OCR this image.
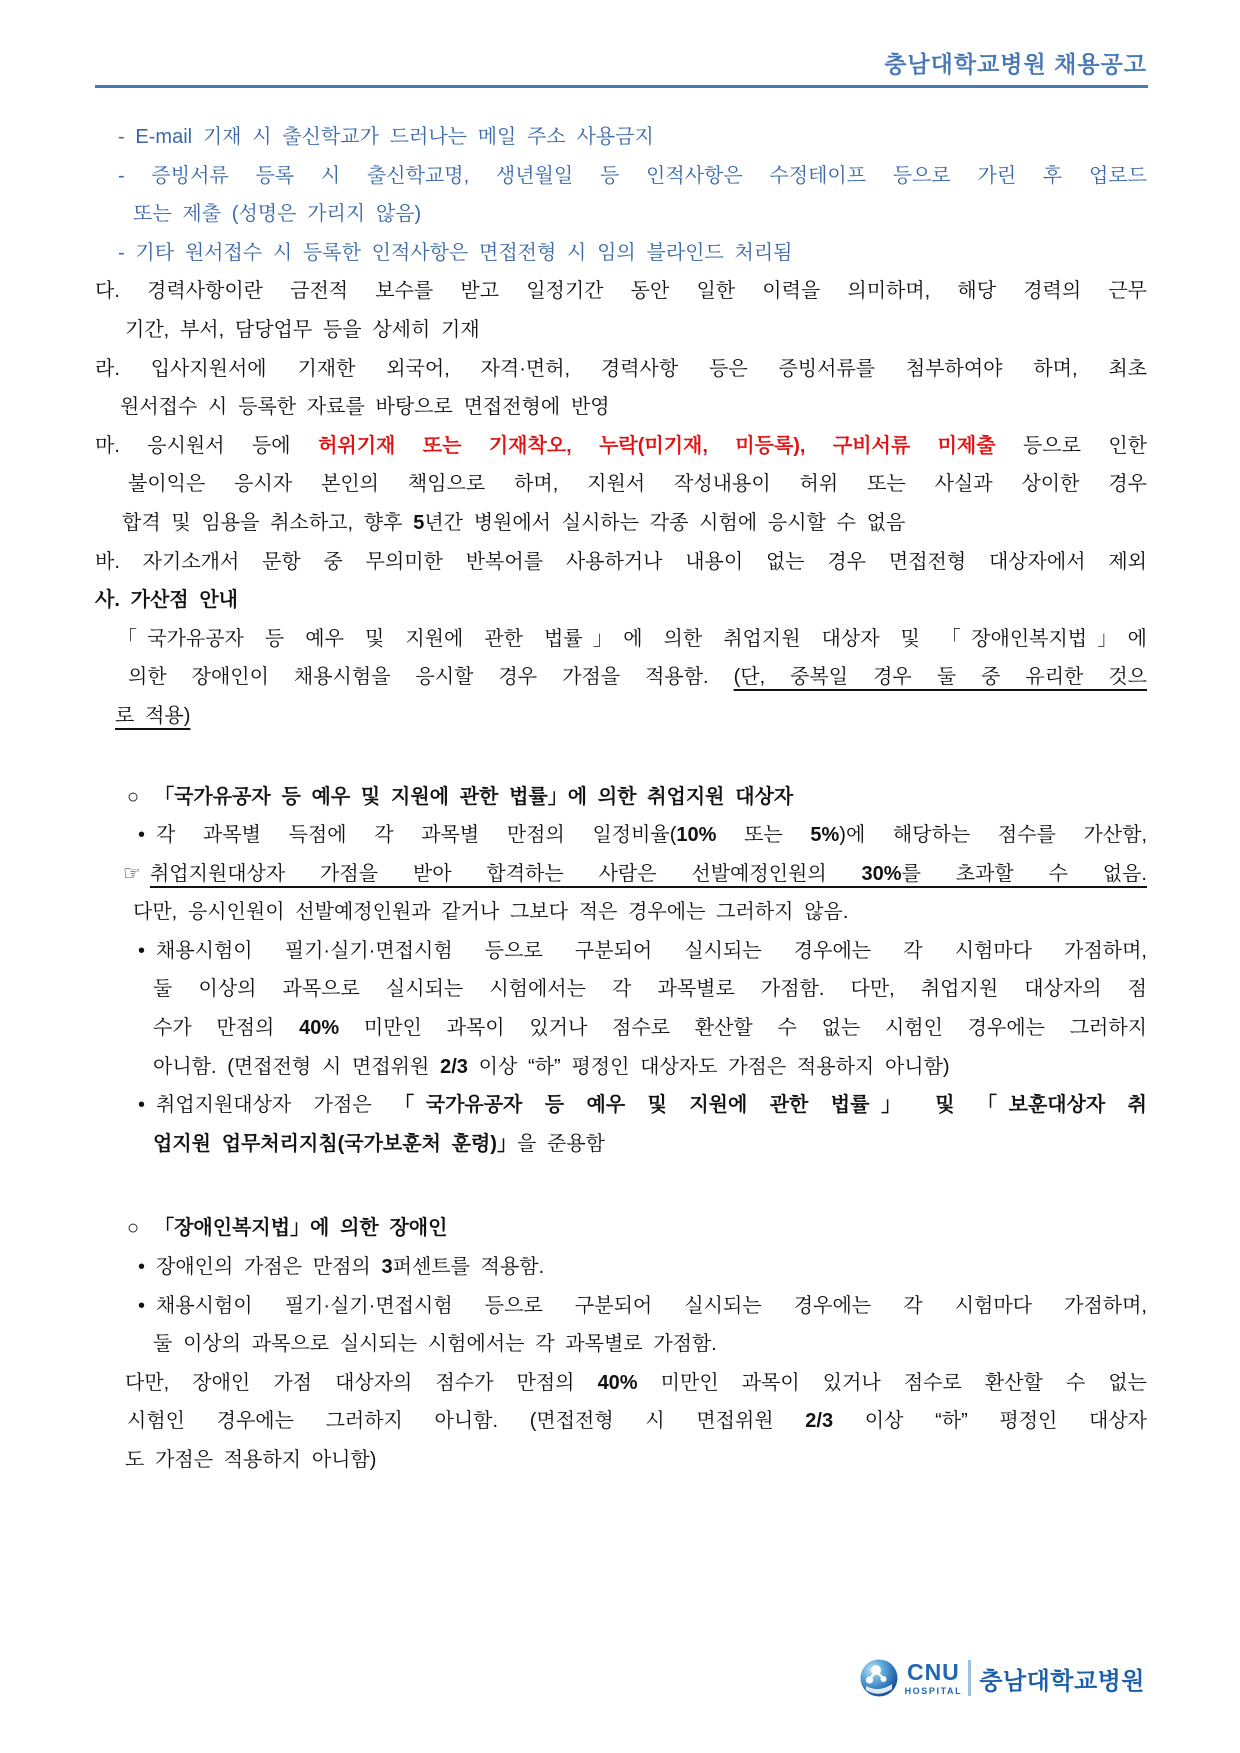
충남대학교병원 채용공고
- E-mail 기재 시 출신학교가 드러나는 메일 주소 사용금지
- 증빙서류 등록 시 출신학교명, 생년월일 등 인적사항은 수정테이프 등으로 가린 후 업로드
또는 제출 (성명은 가리지 않음)
- 기타 원서접수 시 등록한 인적사항은 면접전형 시 임의 블라인드 처리됨
다. 경력사항이란 금전적 보수를 받고 일정기간 동안 일한 이력을 의미하며, 해당 경력의 근무
기간, 부서, 담당업무 등을 상세히 기재
라. 입사지원서에 기재한 외국어, 자격·면허, 경력사항 등은 증빙서류를 첨부하여야 하며, 최초
원서접수 시 등록한 자료를 바탕으로 면접전형에 반영
마. 응시원서 등에 허위기재 또는 기재착오, 누락(미기재, 미등록), 구비서류 미제출 등으로 인한
불이익은 응시자 본인의 책임으로 하며, 지원서 작성내용이 허위 또는 사실과 상이한 경우
합격 및 임용을 취소하고, 향후 5년간 병원에서 실시하는 각종 시험에 응시할 수 없음
바. 자기소개서 문항 중 무의미한 반복어를 사용하거나 내용이 없는 경우 면접전형 대상자에서 제외
사. 가산점 안내
「국가유공자 등 예우 및 지원에 관한 법률」에 의한 취업지원 대상자 및 「장애인복지법」에
의한 장애인이 채용시험을 응시할 경우 가점을 적용함. (단, 중복일 경우 둘 중 유리한 것으
로 적용)
○ 「국가유공자 등 예우 및 지원에 관한 법률」에 의한 취업지원 대상자
• 각 과목별 득점에 각 과목별 만점의 일정비율(10% 또는 5%)에 해당하는 점수를 가산함,
☞ 취업지원대상자 가점을 받아 합격하는 사람은 선발예정인원의 30%를 초과할 수 없음.
다만, 응시인원이 선발예정인원과 같거나 그보다 적은 경우에는 그러하지 않음.
• 채용시험이 필기·실기·면접시험 등으로 구분되어 실시되는 경우에는 각 시험마다 가점하며,
둘 이상의 과목으로 실시되는 시험에서는 각 과목별로 가점함. 다만, 취업지원 대상자의 점
수가 만점의 40% 미만인 과목이 있거나 점수로 환산할 수 없는 시험인 경우에는 그러하지
아니함. (면접전형 시 면접위원 2/3 이상 “하” 평정인 대상자도 가점은 적용하지 아니함)
• 취업지원대상자 가점은 「국가유공자 등 예우 및 지원에 관한 법률」 및 「보훈대상자 취
업지원 업무처리지침(국가보훈처 훈령)」을 준용함
○ 「장애인복지법」에 의한 장애인
• 장애인의 가점은 만점의 3퍼센트를 적용함.
• 채용시험이 필기·실기·면접시험 등으로 구분되어 실시되는 경우에는 각 시험마다 가점하며,
둘 이상의 과목으로 실시되는 시험에서는 각 과목별로 가점함.
다만, 장애인 가점 대상자의 점수가 만점의 40% 미만인 과목이 있거나 점수로 환산할 수 없는
시험인 경우에는 그러하지 아니함. (면접전형 시 면접위원 2/3 이상 “하” 평정인 대상자
도 가점은 적용하지 아니함)
CNU
HOSPITAL 충남대학교병원
